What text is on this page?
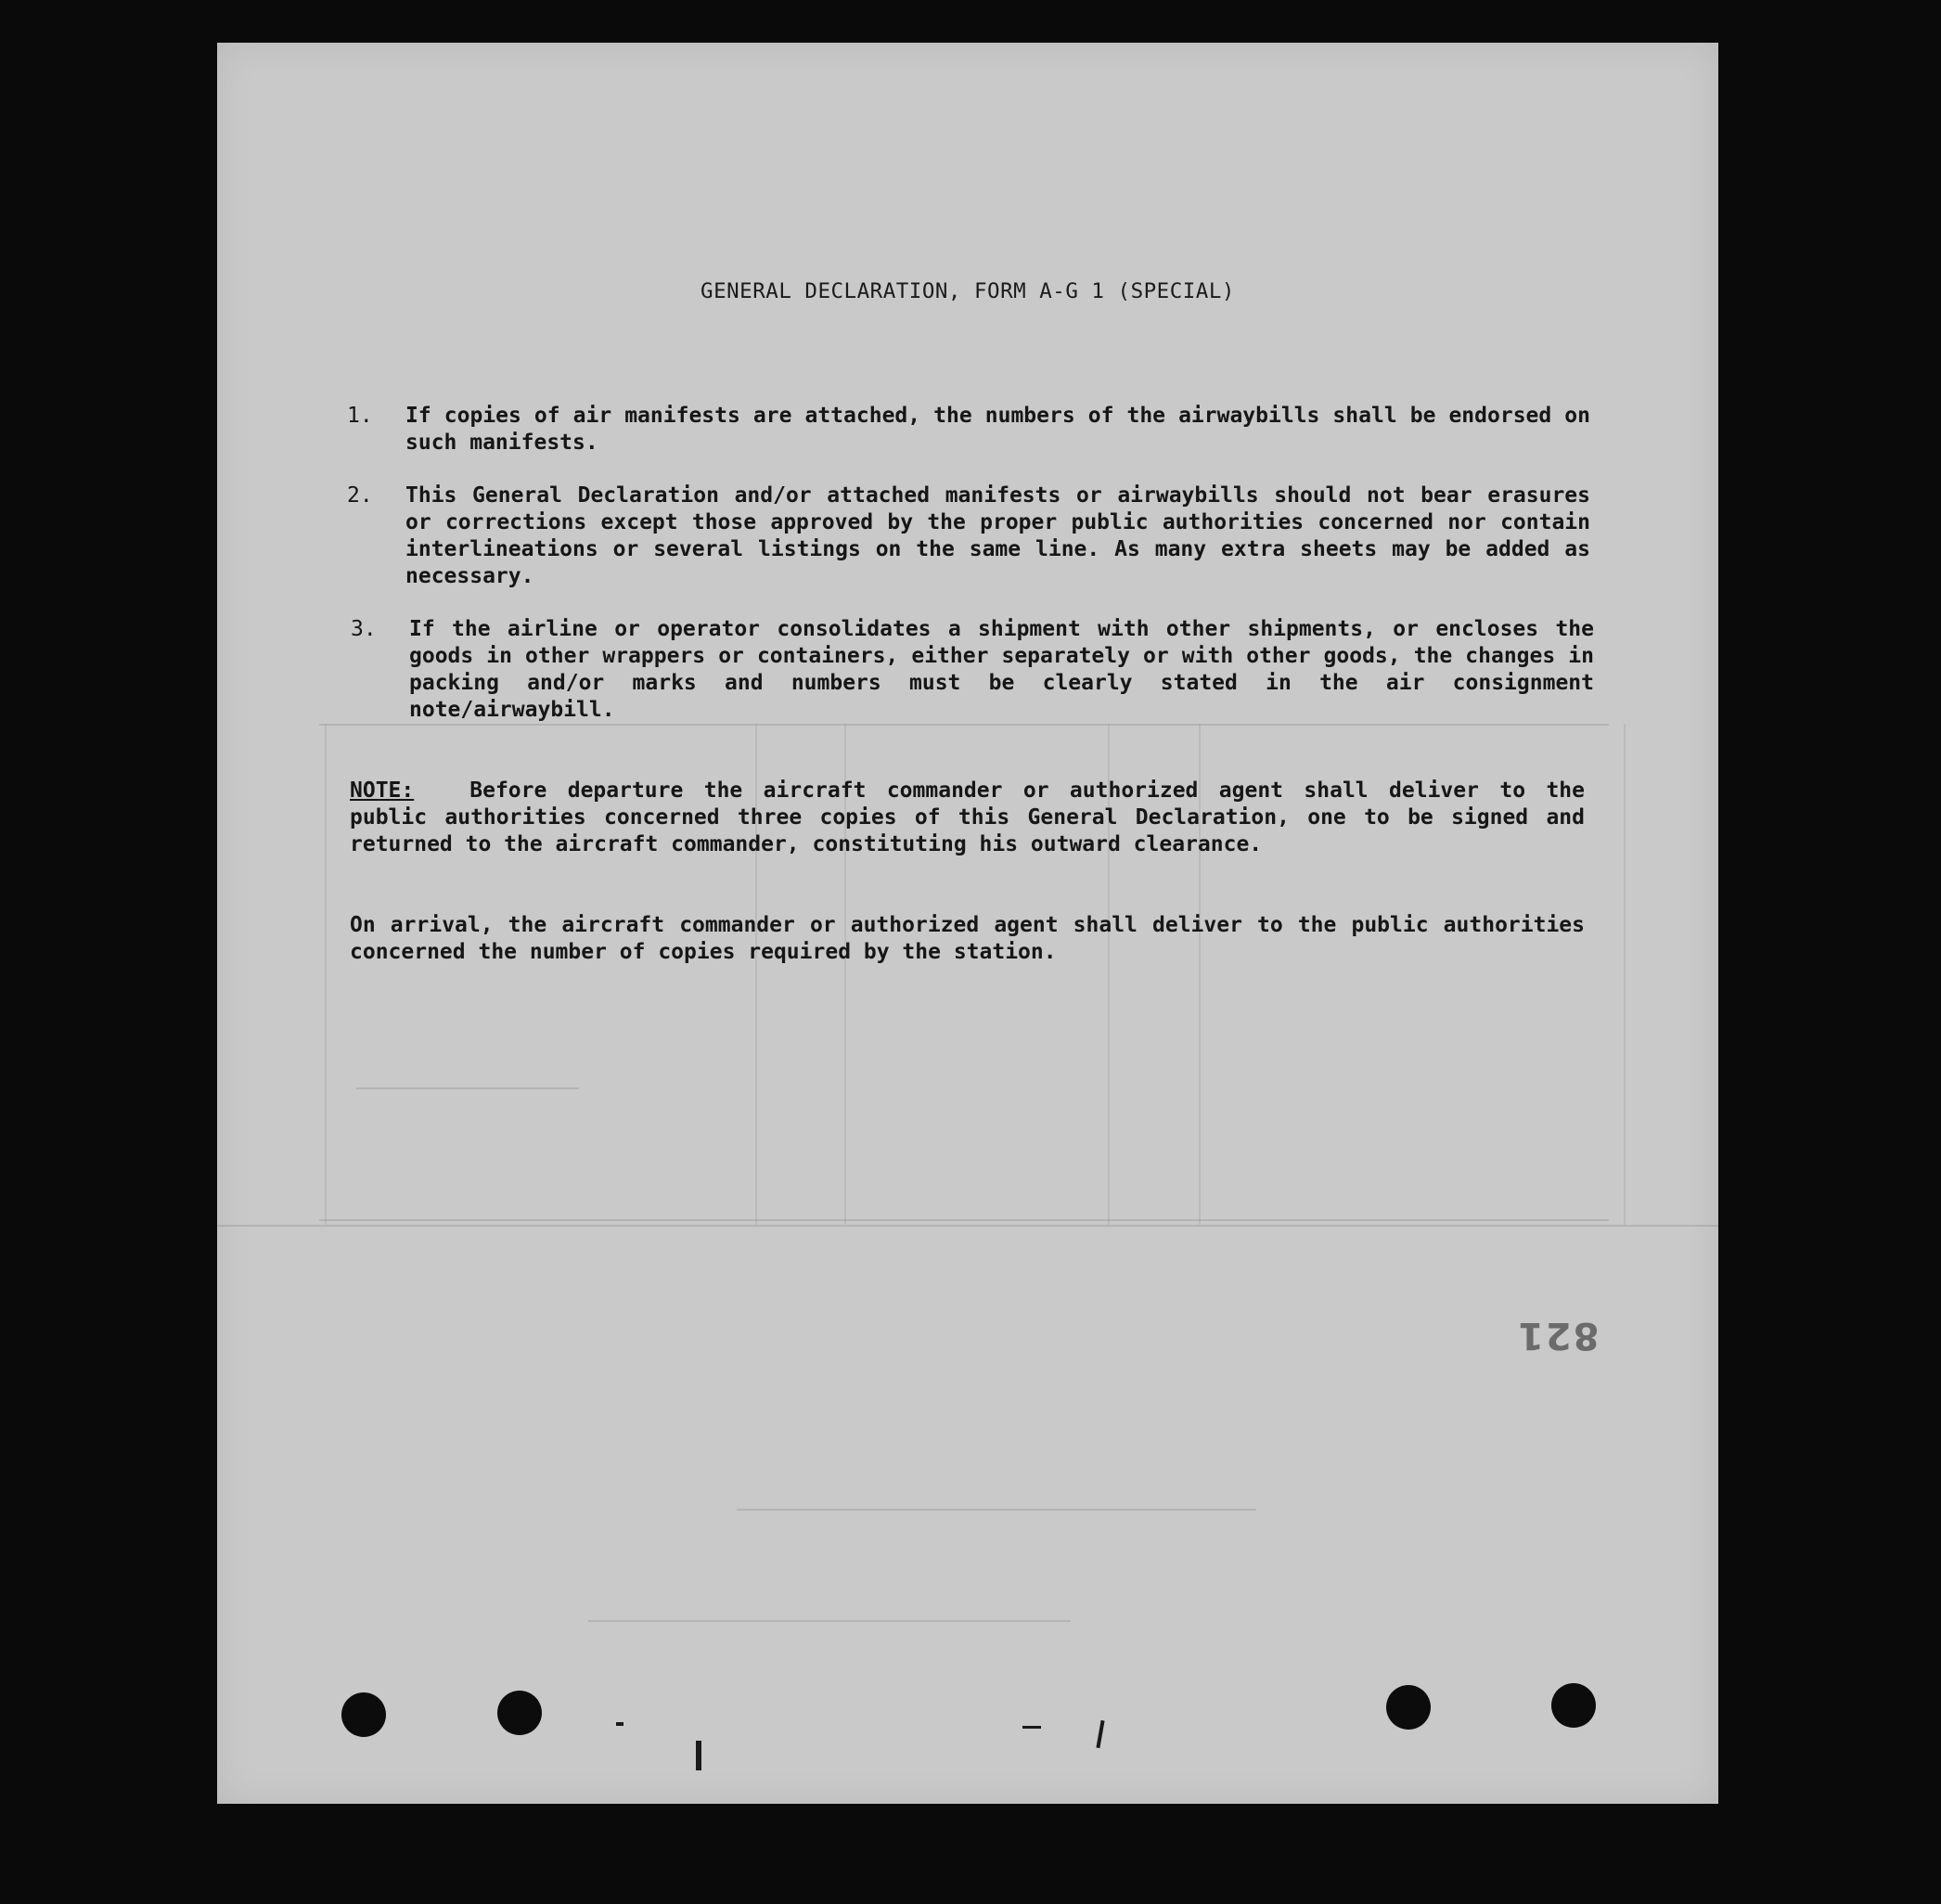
GENERAL DECLARATION, FORM A-G 1 (SPECIAL)
1.	If copies of air manifests are attached, the numbers of the airwaybills shall be endorsed on such manifests.
2.	This General Declaration and/or attached manifests or airwaybills should not bear erasures or corrections except those approved by the proper public authorities concerned nor contain interlineations or several listings on the same line. As many extra sheets may be added as necessary.
3.	If the airline or operator consolidates a shipment with other shipments, or encloses the goods in other wrappers or containers, either separately or with other goods, the changes in packing and/or marks and numbers must be clearly stated in the air consignment note/airwaybill.
NOTE:	Before departure the aircraft commander or authorized agent shall deliver to the public authorities concerned three copies of this General Declaration, one to be signed and returned to the aircraft commander, constituting his outward clearance.
On arrival, the aircraft commander or authorized agent shall deliver to the public authorities concerned the number of copies required by the station.
821
